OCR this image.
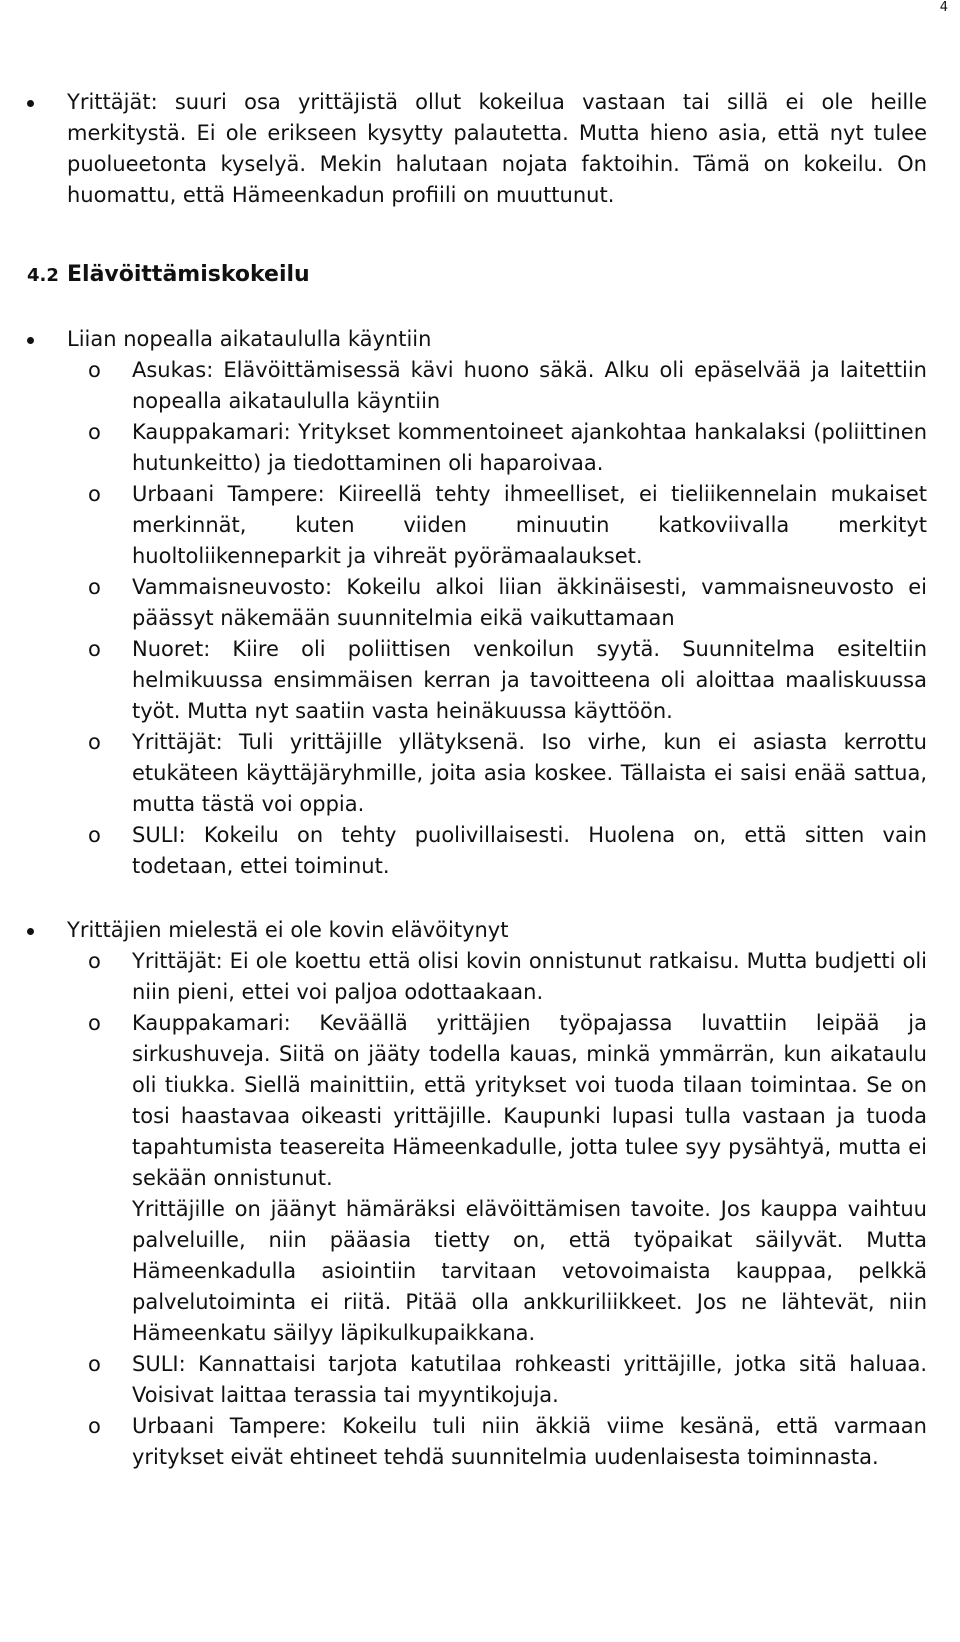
4
Yrittäjät: suuri osa yrittäjistä ollut kokeilua vastaan tai sillä ei ole heille merkitystä. Ei ole erikseen kysytty palautetta. Mutta hieno asia, että nyt tulee puolueetonta kyselyä. Mekin halutaan nojata faktoihin. Tämä on kokeilu. On huomattu, että Hämeenkadun profiili on muuttunut.
4.2 Elävöittämiskokeilu
Liian nopealla aikataululla käyntiin
o Asukas: Elävöittämisessä kävi huono säkä. Alku oli epäselvää ja laitettiin nopealla aikataululla käyntiin
o Kauppakamari: Yritykset kommentoineet ajankohtaa hankalaksi (poliittinen hutunkeitto) ja tiedottaminen oli haparoivaa.
o Urbaani Tampere: Kiireellä tehty ihmeelliset, ei tieliikennelain mukaiset merkinnät, kuten viiden minuutin katkoviivalla merkityt huoltoliikenneparkit ja vihreät pyörämaalaukset.
o Vammaisneuvosto: Kokeilu alkoi liian äkkinäisesti, vammaisneuvosto ei päässyt näkemään suunnitelmia eikä vaikuttamaan
o Nuoret: Kiire oli poliittisen venkoilun syytä. Suunnitelma esiteltiin helmikuussa ensimmäisen kerran ja tavoitteena oli aloittaa maaliskuussa työt. Mutta nyt saatiin vasta heinäkuussa käyttöön.
o Yrittäjät: Tuli yrittäjille yllätyksenä. Iso virhe, kun ei asiasta kerrottu etukäteen käyttäjäryhmille, joita asia koskee. Tällaista ei saisi enää sattua, mutta tästä voi oppia.
o SULI: Kokeilu on tehty puolivillaisesti. Huolena on, että sitten vain todetaan, ettei toiminut.
Yrittäjien mielestä ei ole kovin elävöitynyt
o Yrittäjät: Ei ole koettu että olisi kovin onnistunut ratkaisu. Mutta budjetti oli niin pieni, ettei voi paljoa odottaakaan.
o Kauppakamari: Keväällä yrittäjien työpajassa luvattiin leipää ja sirkushuveja. Siitä on jääty todella kauas, minkä ymmärrän, kun aikataulu oli tiukka. Siellä mainittiin, että yritykset voi tuoda tilaan toimintaa. Se on tosi haastavaa oikeasti yrittäjille. Kaupunki lupasi tulla vastaan ja tuoda tapahtumista teasereita Hämeenkadulle, jotta tulee syy pysähtyä, mutta ei sekään onnistunut.
Yrittäjille on jäänyt hämäräksi elävöittämisen tavoite. Jos kauppa vaihtuu palveluille, niin pääasia tietty on, että työpaikat säilyvät. Mutta Hämeenkadulla asiointiin tarvitaan vetovoimaista kauppaa, pelkkä palvelutoiminta ei riitä. Pitää olla ankkuriliikkeet. Jos ne lähtevät, niin Hämeenkatu säilyy läpikulkupaikkana.
o SULI: Kannattaisi tarjota katutilaa rohkeasti yrittäjille, jotka sitä haluaa. Voisivat laittaa terassia tai myyntikojuja.
o Urbaani Tampere: Kokeilu tuli niin äkkiä viime kesänä, että varmaan yritykset eivät ehtineet tehdä suunnitelmia uudenlaisesta toiminnasta.
